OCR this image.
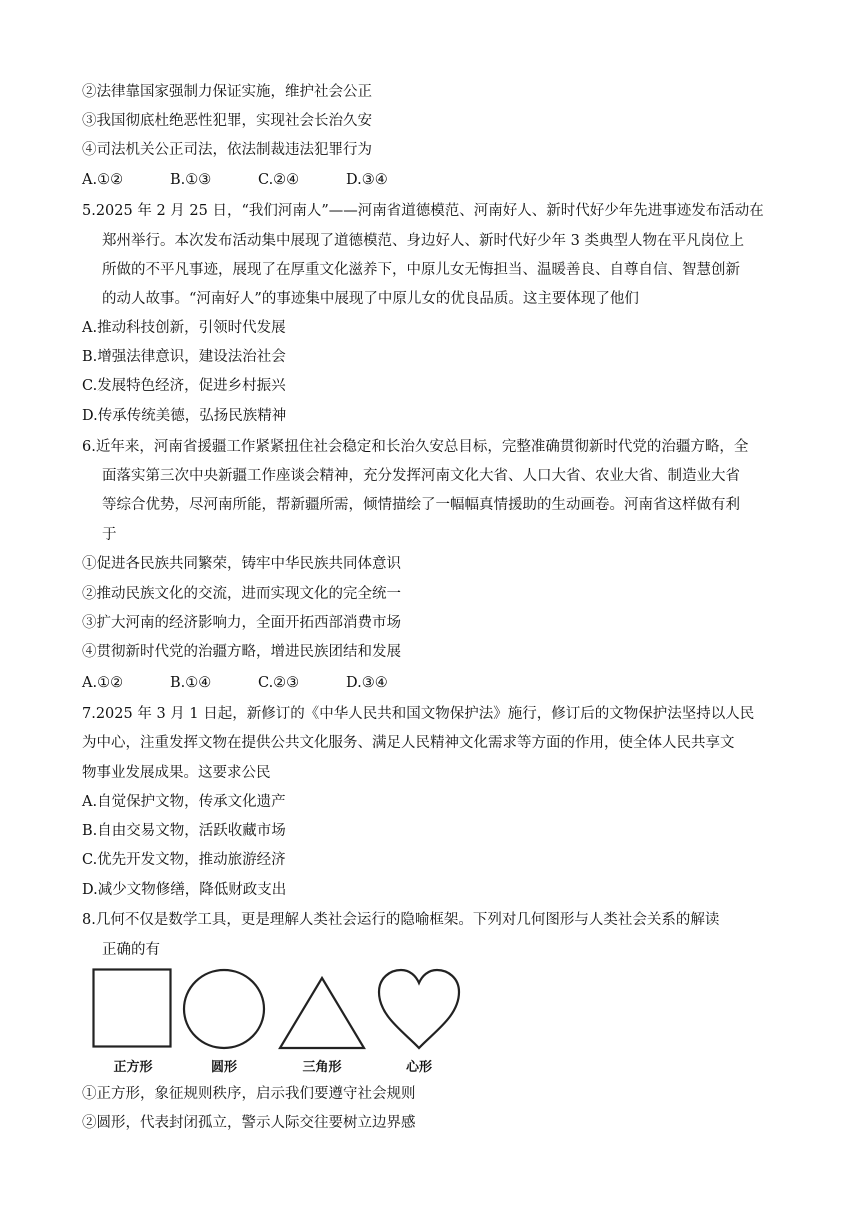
②法律靠国家强制力保证实施，维护社会公正
③我国彻底杜绝恶性犯罪，实现社会长治久安
④司法机关公正司法，依法制裁违法犯罪行为
A.①②	B.①③	C.②④	D.③④
5.2025 年 2 月 25 日，“我们河南人”——河南省道德模范、河南好人、新时代好少年先进事迹发布活动在
郑州举行。本次发布活动集中展现了道德模范、身边好人、新时代好少年 3 类典型人物在平凡岗位上
所做的不平凡事迹，展现了在厚重文化滋养下，中原儿女无悔担当、温暖善良、自尊自信、智慧创新
的动人故事。“河南好人”的事迹集中展现了中原儿女的优良品质。这主要体现了他们
A.推动科技创新，引领时代发展
B.增强法律意识，建设法治社会
C.发展特色经济，促进乡村振兴
D.传承传统美德，弘扬民族精神
6.近年来，河南省援疆工作紧紧扭住社会稳定和长治久安总目标，完整准确贯彻新时代党的治疆方略，全
面落实第三次中央新疆工作座谈会精神，充分发挥河南文化大省、人口大省、农业大省、制造业大省
等综合优势，尽河南所能，帮新疆所需，倾情描绘了一幅幅真情援助的生动画卷。河南省这样做有利
于
①促进各民族共同繁荣，铸牢中华民族共同体意识
②推动民族文化的交流，进而实现文化的完全统一
③扩大河南的经济影响力，全面开拓西部消费市场
④贯彻新时代党的治疆方略，增进民族团结和发展
A.①②	B.①④	C.②③	D.③④
7.2025 年 3 月 1 日起，新修订的《中华人民共和国文物保护法》施行，修订后的文物保护法坚持以人民
为中心，注重发挥文物在提供公共文化服务、满足人民精神文化需求等方面的作用，使全体人民共享文
物事业发展成果。这要求公民
A.自觉保护文物，传承文化遗产
B.自由交易文物，活跃收藏市场
C.优先开发文物，推动旅游经济
D.减少文物修缮，降低财政支出
8.几何不仅是数学工具，更是理解人类社会运行的隐喻框架。下列对几何图形与人类社会关系的解读
正确的有
正方形	圆形	三角形	心形
①正方形，象征规则秩序，启示我们要遵守社会规则
②圆形，代表封闭孤立，警示人际交往要树立边界感
